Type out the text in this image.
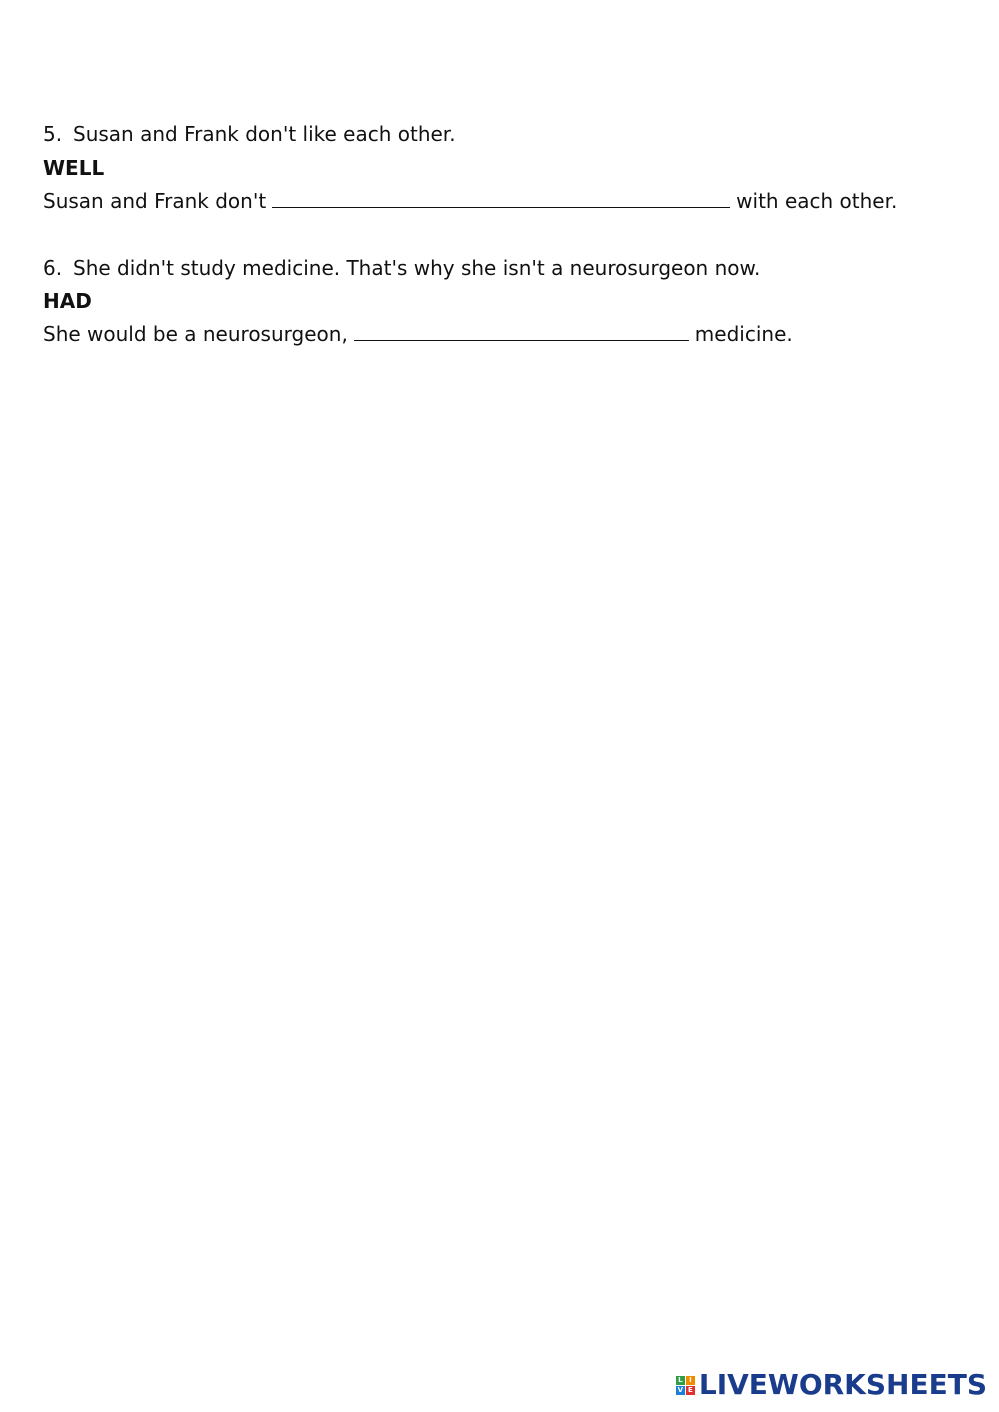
5. Susan and Frank don't like each other.
WELL
Susan and Frank don't	with each other.
6. She didn't study medicine. That's why she isn't a neurosurgeon now.
HAD
She would be a neurosurgeon,	medicine.
L I
V E LIVEWORKSHEETS
